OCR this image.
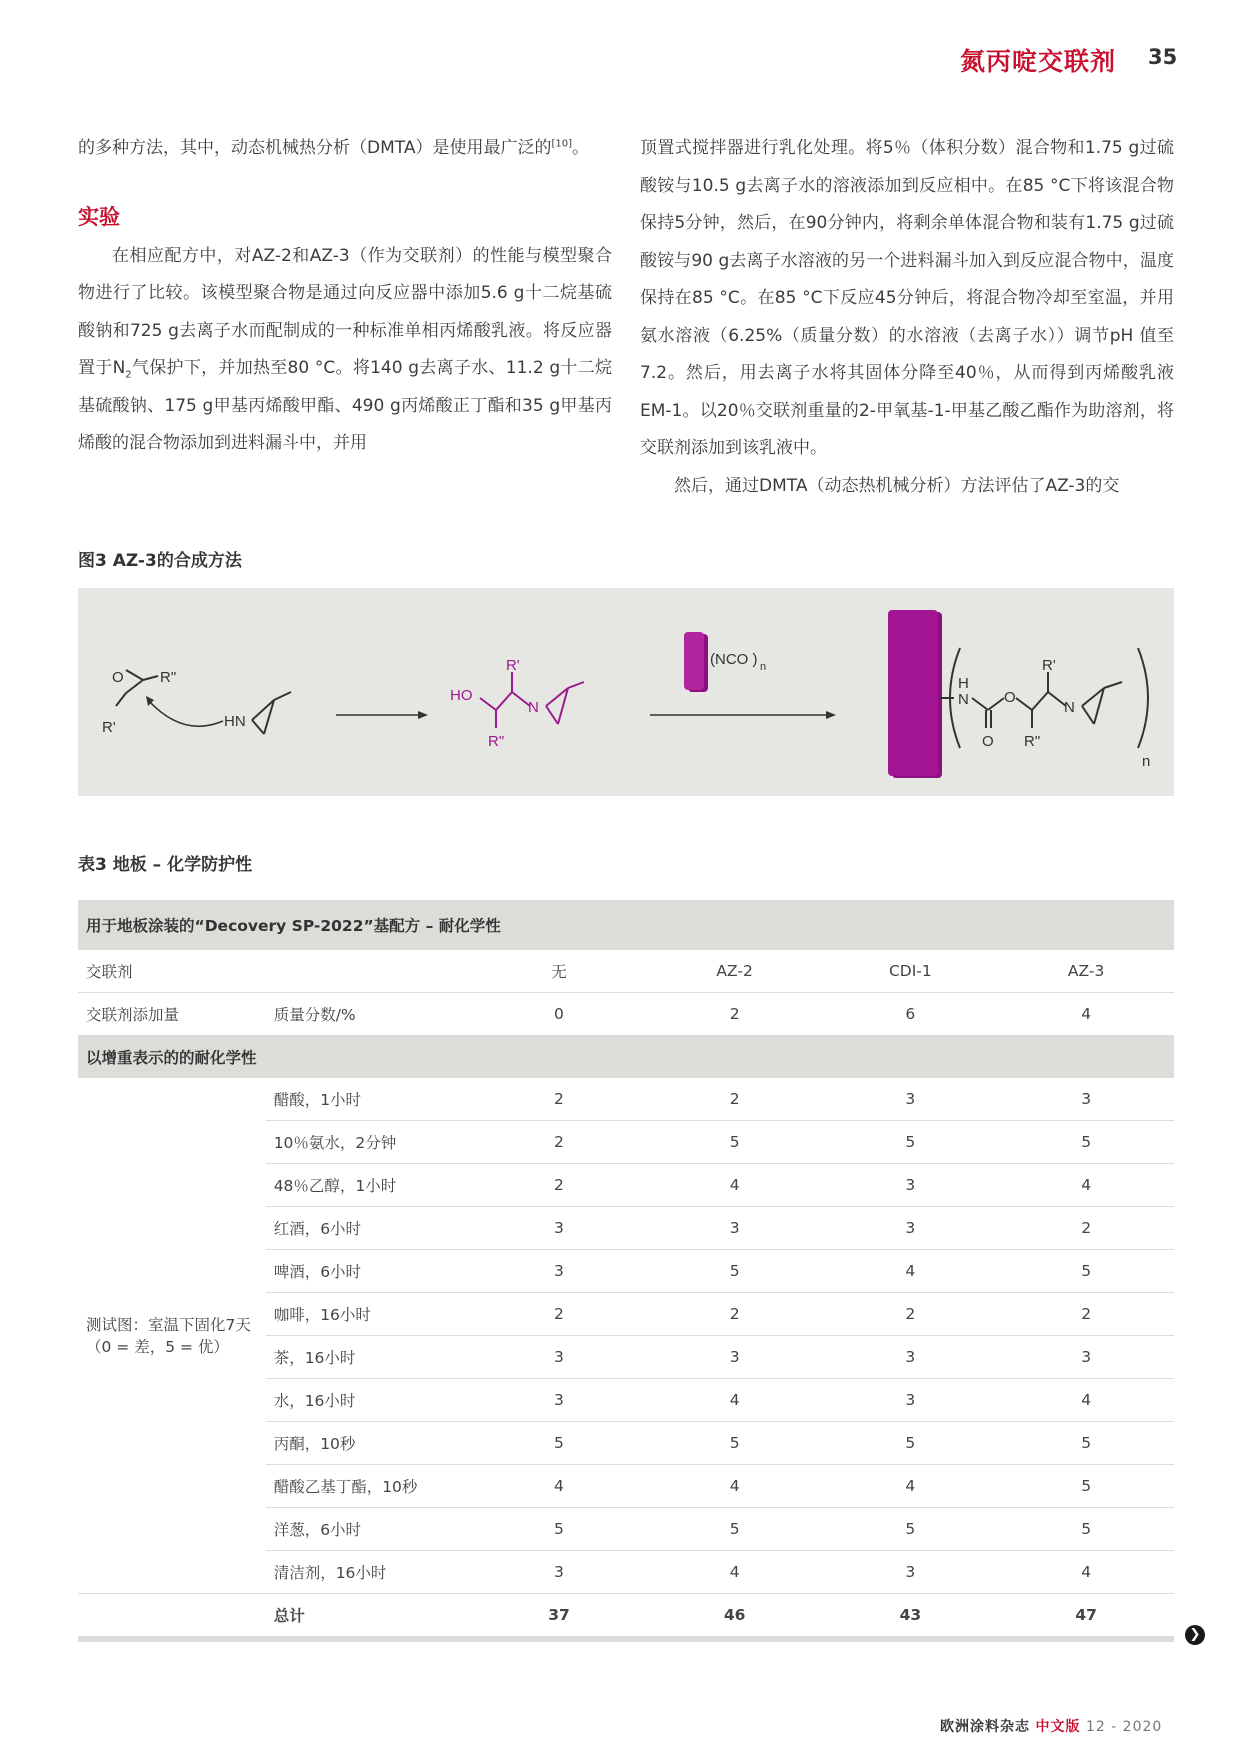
氮丙啶交联剂 35

的多种方法，其中，动态机械热分析（DMTA）是使用最广泛的[10]。

实验

在相应配方中，对AZ-2和AZ-3（作为交联剂）的性能与模型聚合物进行了比较。该模型聚合物是通过向反应器中添加5.6 g十二烷基硫酸钠和725 g去离子水而配制成的一种标准单相丙烯酸乳液。将反应器置于$N_2$气保护下，并加热至80 °C。将140 g去离子水、11.2 g十二烷基硫酸钠、175 g甲基丙烯酸甲酯、490 g丙烯酸正丁酯和35 g甲基丙烯酸的混合物添加到进料漏斗中，并用

顶置式搅拌器进行乳化处理。将5％（体积分数）混合物和1.75 g过硫酸铵与10.5 g去离子水的溶液添加到反应相中。在85 °C下将该混合物保持5分钟，然后，在90分钟内，将剩余单体混合物和装有1.75 g过硫酸铵与90 g去离子水溶液的另一个进料漏斗加入到反应混合物中，温度保持在85 °C。在85 °C下反应45分钟后，将混合物冷却至室温，并用氨水溶液（6.25%（质量分数）的水溶液（去离子水））调节pH 值至7.2。然后，用去离子水将其固体分降至40％，从而得到丙烯酸乳液EM-1。以20％交联剂重量的2-甲氧基-1-甲基乙酸乙酯作为助溶剂，将交联剂添加到该乳液中。

然后，通过DMTA（动态热机械分析）方法评估了AZ-3的交

图3 AZ-3的合成方法
O R"
R'	HN
HO
N
R'
R"
(NCO ) n
n
H
N O
O
R'
R"
N
表3 地板 – 化学防护性
用于地板涂装的“Decovery SP-2022”基配方 – 耐化学性					
交联剂		无	AZ-2	CDI-1	AZ-3
交联剂添加量	质量分数/%	0	2	6	4
以增重表示的的耐化学性					
测试图：室温下固化7天（0 = 差，5 = 优）	醋酸，1小时	2	2	3	3
	10％氨水，2分钟	2	5	5	5
	48％乙醇，1小时	2	4	3	4
	红酒，6小时	3	3	3	2
	啤酒，6小时	3	5	4	5
	咖啡，16小时	2	2	2	2
	茶，16小时	3	3	3	3
	水，16小时	3	4	3	4
	丙酮，10秒	5	5	5	5
	醋酸乙基丁酯，10秒	4	4	4	5
	洋葱，6小时	5	5	5	5
	清洁剂，16小时	3	4	3	4
	总计	37	46	43	47
❯
欧洲涂料杂志 中文版 12 - 2020
